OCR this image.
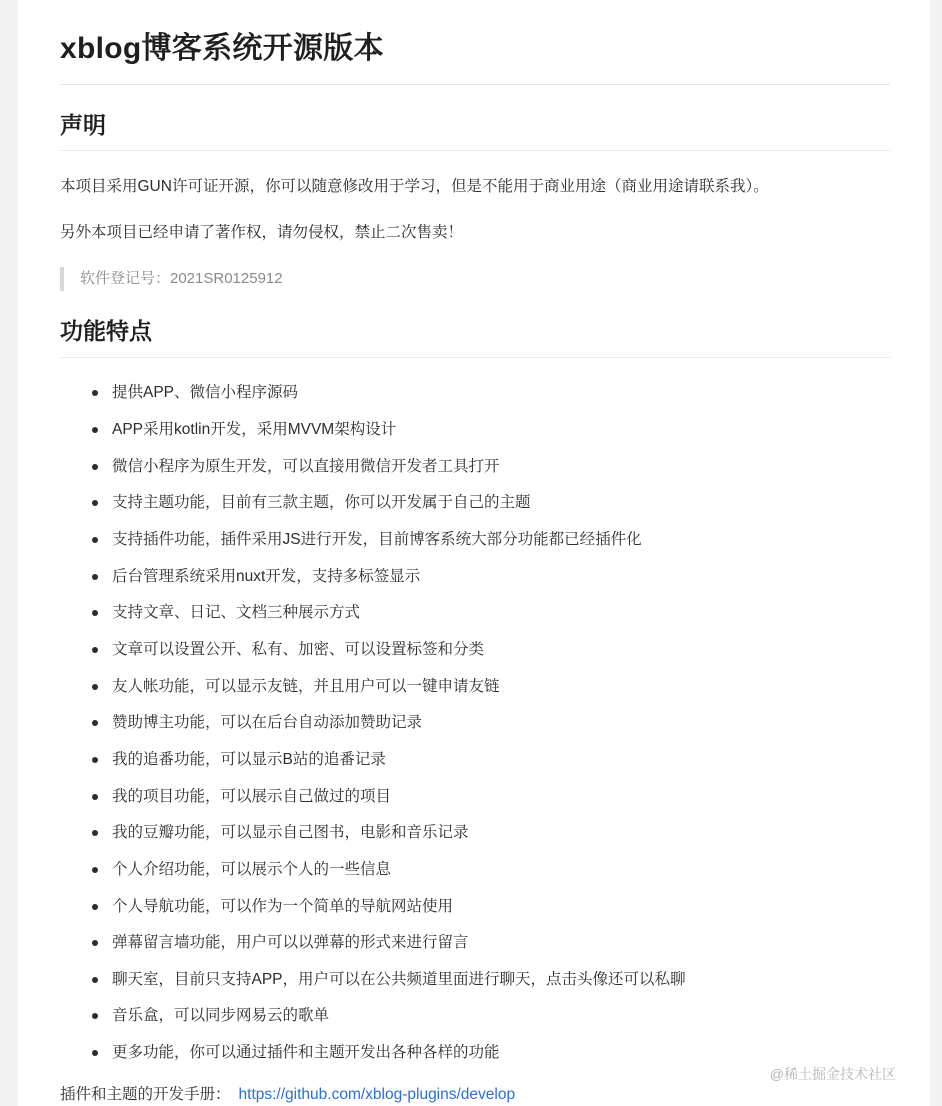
xblog博客系统开源版本
声明

本项目采用GUN许可证开源，你可以随意修改用于学习，但是不能用于商业用途（商业用途请联系我）。

另外本项目已经申请了著作权，请勿侵权，禁止二次售卖！

软件登记号：2021SR0125912
功能特点
提供APP、微信小程序源码
APP采用kotlin开发，采用MVVM架构设计
微信小程序为原生开发，可以直接用微信开发者工具打开
支持主题功能，目前有三款主题，你可以开发属于自己的主题
支持插件功能，插件采用JS进行开发，目前博客系统大部分功能都已经插件化
后台管理系统采用nuxt开发，支持多标签显示
支持文章、日记、文档三种展示方式
文章可以设置公开、私有、加密、可以设置标签和分类
友人帐功能，可以显示友链，并且用户可以一键申请友链
赞助博主功能，可以在后台自动添加赞助记录
我的追番功能，可以显示B站的追番记录
我的项目功能，可以展示自己做过的项目
我的豆瓣功能，可以显示自己图书，电影和音乐记录
个人介绍功能，可以展示个人的一些信息
个人导航功能，可以作为一个简单的导航网站使用
弹幕留言墙功能，用户可以以弹幕的形式来进行留言
聊天室，目前只支持APP，用户可以在公共频道里面进行聊天，点击头像还可以私聊
音乐盒，可以同步网易云的歌单
更多功能，你可以通过插件和主题开发出各种各样的功能

插件和主题的开发手册： https://github.com/xblog-plugins/develop

@稀土掘金技术社区
